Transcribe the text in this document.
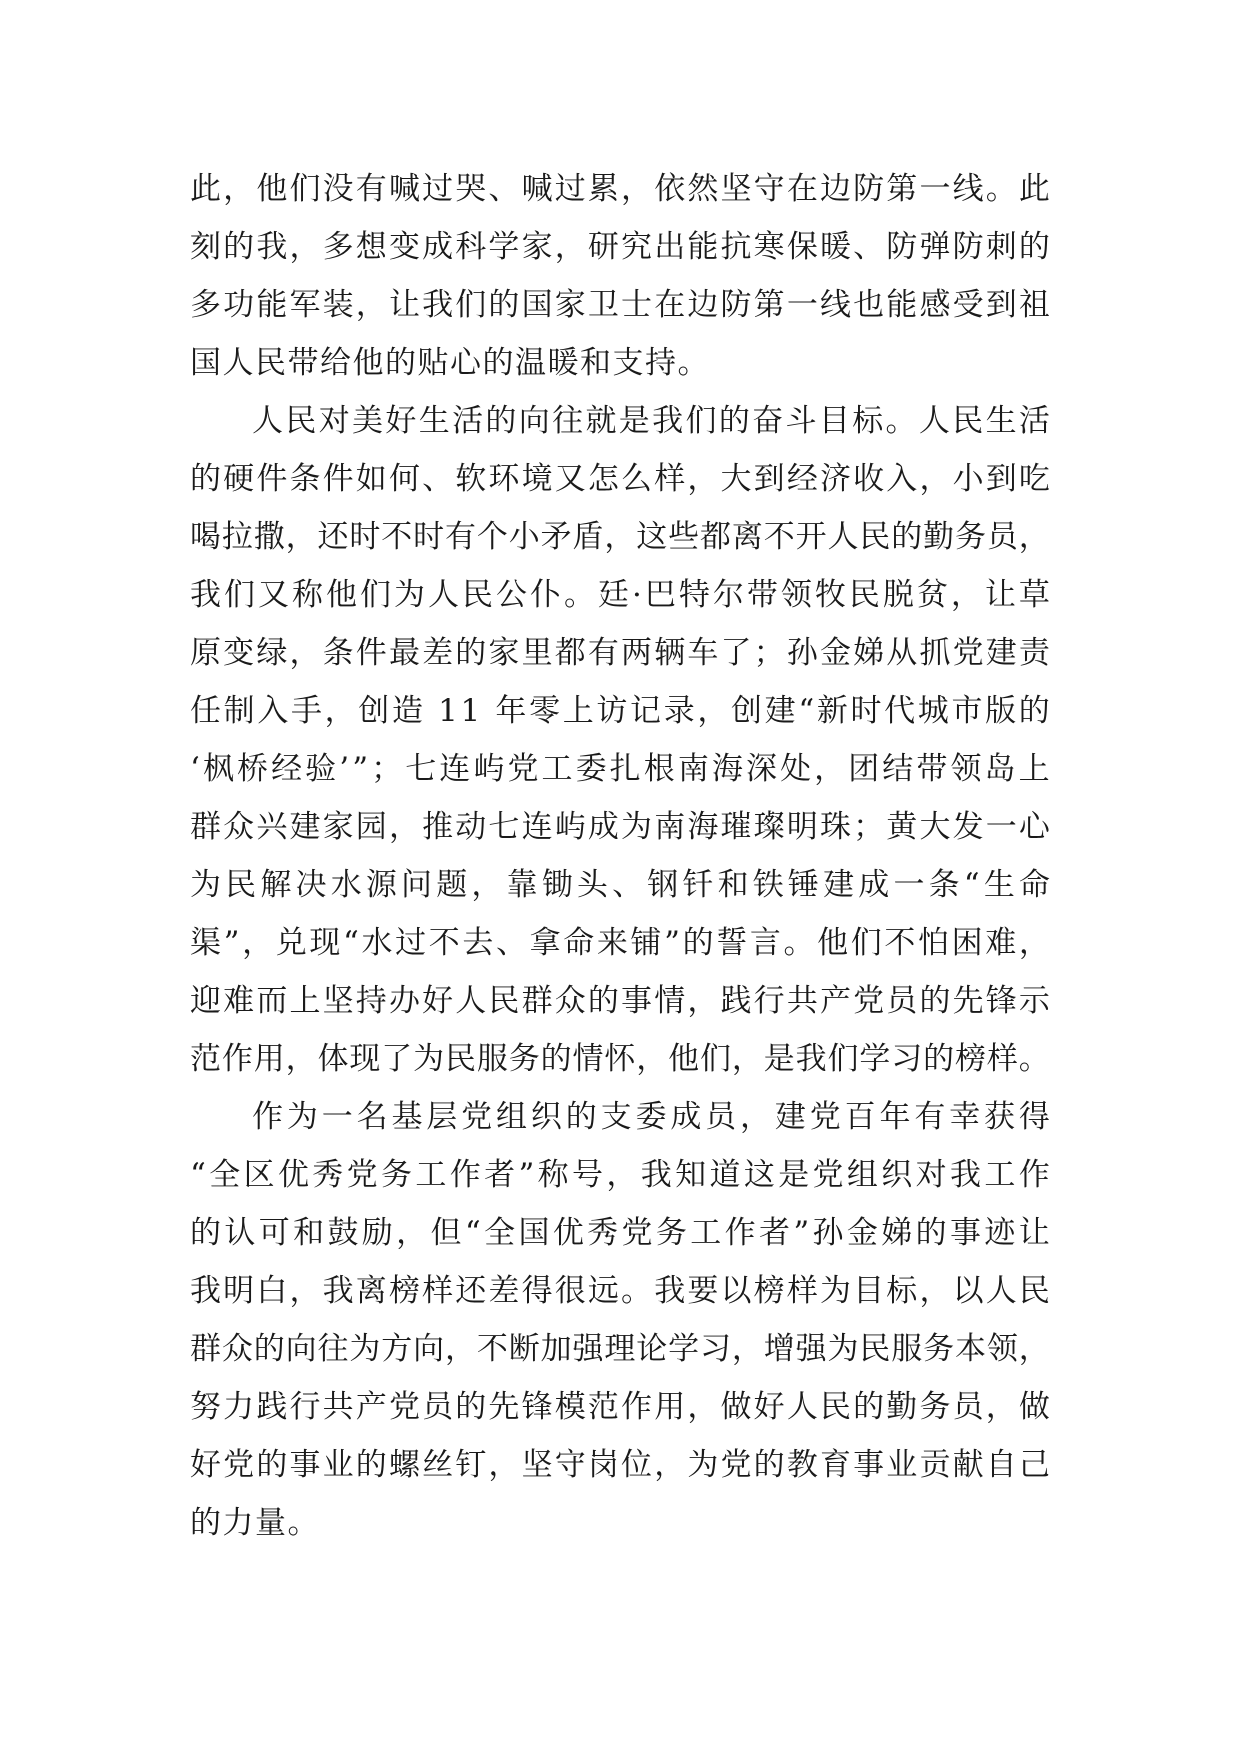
此 ， 他 们 没 有 喊 过 哭 、 喊 过 累 ， 依 然 坚 守 在 边 防 第 一 线 。 此
刻 的 我 ， 多 想 变 成 科 学 家 ， 研 究 出 能 抗 寒 保 暖 、 防 弹 防 刺 的
多 功 能 军 装 ， 让 我 们 的 国 家 卫 士 在 边 防 第 一 线 也 能 感 受 到 祖
国人民带给他的贴心的温暖和支持。
人 民 对 美 好 生 活 的 向 往 就 是 我 们 的 奋 斗 目 标 。 人 民 生 活
的 硬 件 条 件 如 何 、 软 环 境 又 怎 么 样 ， 大 到 经 济 收 入 ， 小 到 吃
喝 拉 撒 ， 还 时 不 时 有 个 小 矛 盾 ， 这 些 都 离 不 开 人 民 的 勤 务 员 ，
我 们 又 称 他 们 为 人 民 公 仆 。 廷 · 巴 特 尔 带 领 牧 民 脱 贫 ， 让 草
原 变 绿 ， 条 件 最 差 的 家 里 都 有 两 辆 车 了 ； 孙 金 娣 从 抓 党 建 责
任 制 入 手 ， 创 造
1 1
年 零 上 访 记 录 ， 创 建 “ 新 时 代 城 市 版 的
‘ 枫 桥 经 验 ’ ” ； 七 连 屿 党 工 委 扎 根 南 海 深 处 ， 团 结 带 领 岛 上
群 众 兴 建 家 园 ， 推 动 七 连 屿 成 为 南 海 璀 璨 明 珠 ； 黄 大 发 一 心
为 民 解 决 水 源 问 题 ， 靠 锄 头 、 钢 钎 和 铁 锤 建 成 一 条 “ 生 命
渠 ” ， 兑 现 “ 水 过 不 去 、 拿 命 来 铺 ” 的 誓 言 。 他 们 不 怕 困 难 ，
迎 难 而 上 坚 持 办 好 人 民 群 众 的 事 情 ， 践 行 共 产 党 员 的 先 锋 示
范 作 用 ， 体 现 了 为 民 服 务 的 情 怀 ， 他 们 ， 是 我 们 学 习 的 榜 样 。
作 为 一 名 基 层 党 组 织 的 支 委 成 员 ， 建 党 百 年 有 幸 获 得
“ 全 区 优 秀 党 务 工 作 者 ” 称 号 ， 我 知 道 这 是 党 组 织 对 我 工 作
的 认 可 和 鼓 励 ， 但 “ 全 国 优 秀 党 务 工 作 者 ” 孙 金 娣 的 事 迹 让
我 明 白 ， 我 离 榜 样 还 差 得 很 远 。 我 要 以 榜 样 为 目 标 ， 以 人 民
群 众 的 向 往 为 方 向 ， 不 断 加 强 理 论 学 习 ， 增 强 为 民 服 务 本 领 ，
努 力 践 行 共 产 党 员 的 先 锋 模 范 作 用 ， 做 好 人 民 的 勤 务 员 ， 做
好 党 的 事 业 的 螺 丝 钉 ， 坚 守 岗 位 ， 为 党 的 教 育 事 业 贡 献 自 己
的力量。
